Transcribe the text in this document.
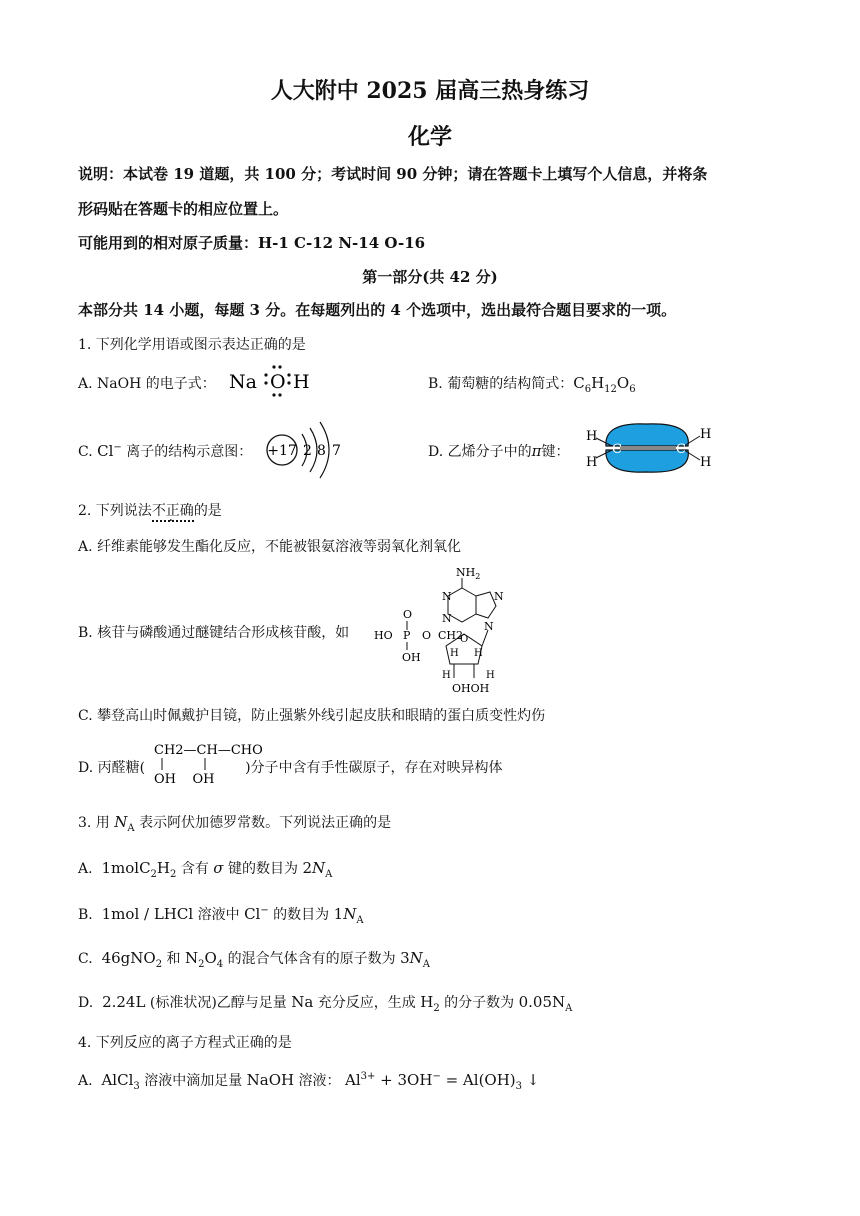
人大附中 2025 届高三热身练习
化学
说明：本试卷 19 道题，共 100 分；考试时间 90 分钟；请在答题卡上填写个人信息，并将条
形码贴在答题卡的相应位置上。
可能用到的相对原子质量：H-1 C-12 N-14 O-16
第一部分(共 42 分)
本部分共 14 小题，每题 3 分。在每题列出的 4 个选项中，选出最符合题目要求的一项。
1. 下列化学用语或图示表达正确的是
A. NaOH 的电子式： Na O H	B. 葡萄糖的结构简式：$C_6H_{12}O_6$
C. Cl− 离子的结构示意图： +17 2 8 7	D. 乙烯分子中的π键：
H
H
C	C
H
H
2. 下列说法不正确的是
A. 纤维素能够发生酯化反应，不能被银氨溶液等弱氧化剂氧化
B. 核苷与磷酸通过醚键结合形成核苷酸，如
$NH_2$
N
N
N
N
O
HO P
OH
O CH2
O
H H
H	H
OHOH
C. 攀登高山时佩戴护目镜，防止强紫外线引起皮肤和眼睛的蛋白质变性灼伤
D. 丙醛糖(	)分子中含有手性碳原子，存在对映异构体
CH2—CH—CHO
OH    OH
3. 用 $N_A$ 表示阿伏加德罗常数。下列说法正确的是
A.  $1molC_2H_2$ 含有 σ 键的数目为 $2N_A$
B.  1mol / LHCl 溶液中 Cl− 的数目为 $1N_A$
C.  46gNO$_2$ 和 $N_2O_4$ 的混合气体含有的原子数为 $3N_A$
D.  2.24L (标准状况)乙醇与足量 Na 充分反应，生成 $H_2$ 的分子数为 $0.05N_A$
4. 下列反应的离子方程式正确的是
A.  AlCl$_3$ 溶液中滴加足量 NaOH 溶液： $Al^{3+} + 3OH^- = Al(OH)_3$ ↓
